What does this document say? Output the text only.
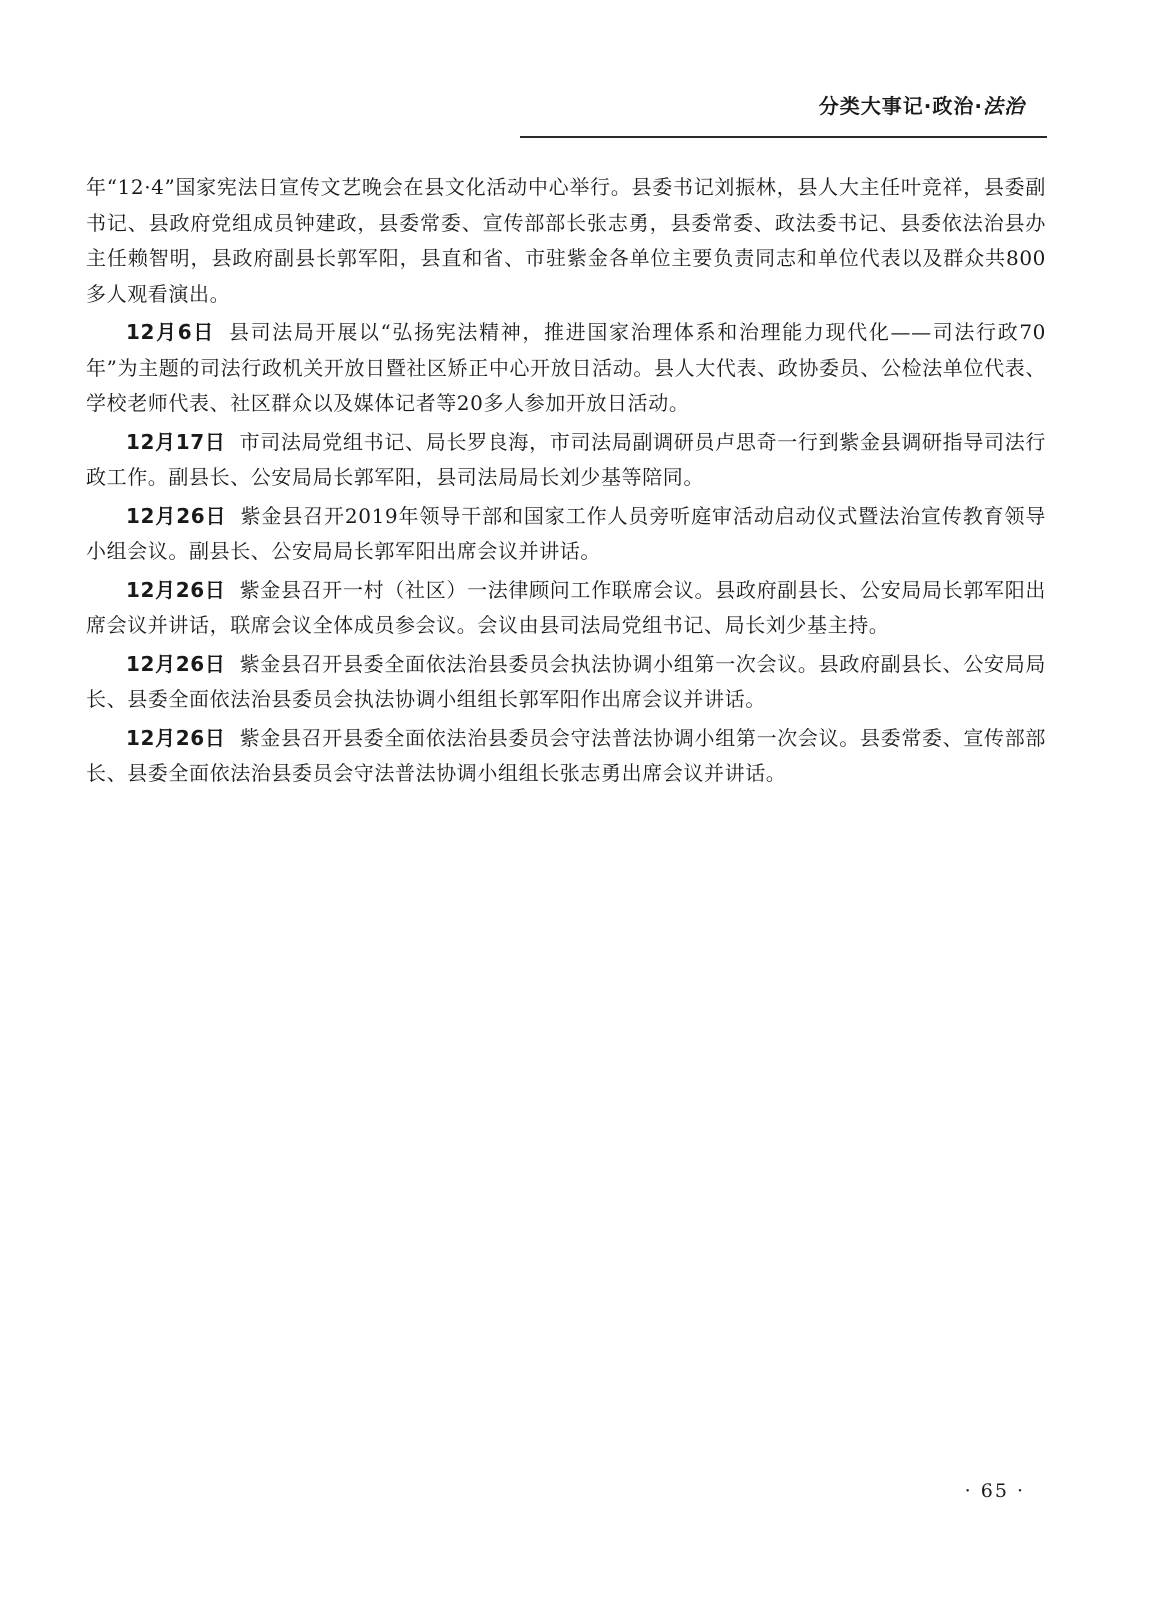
分类大事记·政治·法治

年“12·4”国家宪法日宣传文艺晚会在县文化活动中心举行。县委书记刘振林，县人大主任叶竞祥，县委副书记、县政府党组成员钟建政，县委常委、宣传部部长张志勇，县委常委、政法委书记、县委依法治县办主任赖智明，县政府副县长郭军阳，县直和省、市驻紫金各单位主要负责同志和单位代表以及群众共800多人观看演出。

12月6日 县司法局开展以“弘扬宪法精神，推进国家治理体系和治理能力现代化——司法行政70年”为主题的司法行政机关开放日暨社区矫正中心开放日活动。县人大代表、政协委员、公检法单位代表、学校老师代表、社区群众以及媒体记者等20多人参加开放日活动。

12月17日 市司法局党组书记、局长罗良海，市司法局副调研员卢思奇一行到紫金县调研指导司法行政工作。副县长、公安局局长郭军阳，县司法局局长刘少基等陪同。

12月26日 紫金县召开2019年领导干部和国家工作人员旁听庭审活动启动仪式暨法治宣传教育领导小组会议。副县长、公安局局长郭军阳出席会议并讲话。

12月26日 紫金县召开一村（社区）一法律顾问工作联席会议。县政府副县长、公安局局长郭军阳出席会议并讲话，联席会议全体成员参会议。会议由县司法局党组书记、局长刘少基主持。

12月26日 紫金县召开县委全面依法治县委员会执法协调小组第一次会议。县政府副县长、公安局局长、县委全面依法治县委员会执法协调小组组长郭军阳作出席会议并讲话。

12月26日 紫金县召开县委全面依法治县委员会守法普法协调小组第一次会议。县委常委、宣传部部长、县委全面依法治县委员会守法普法协调小组组长张志勇出席会议并讲话。

· 65 ·
